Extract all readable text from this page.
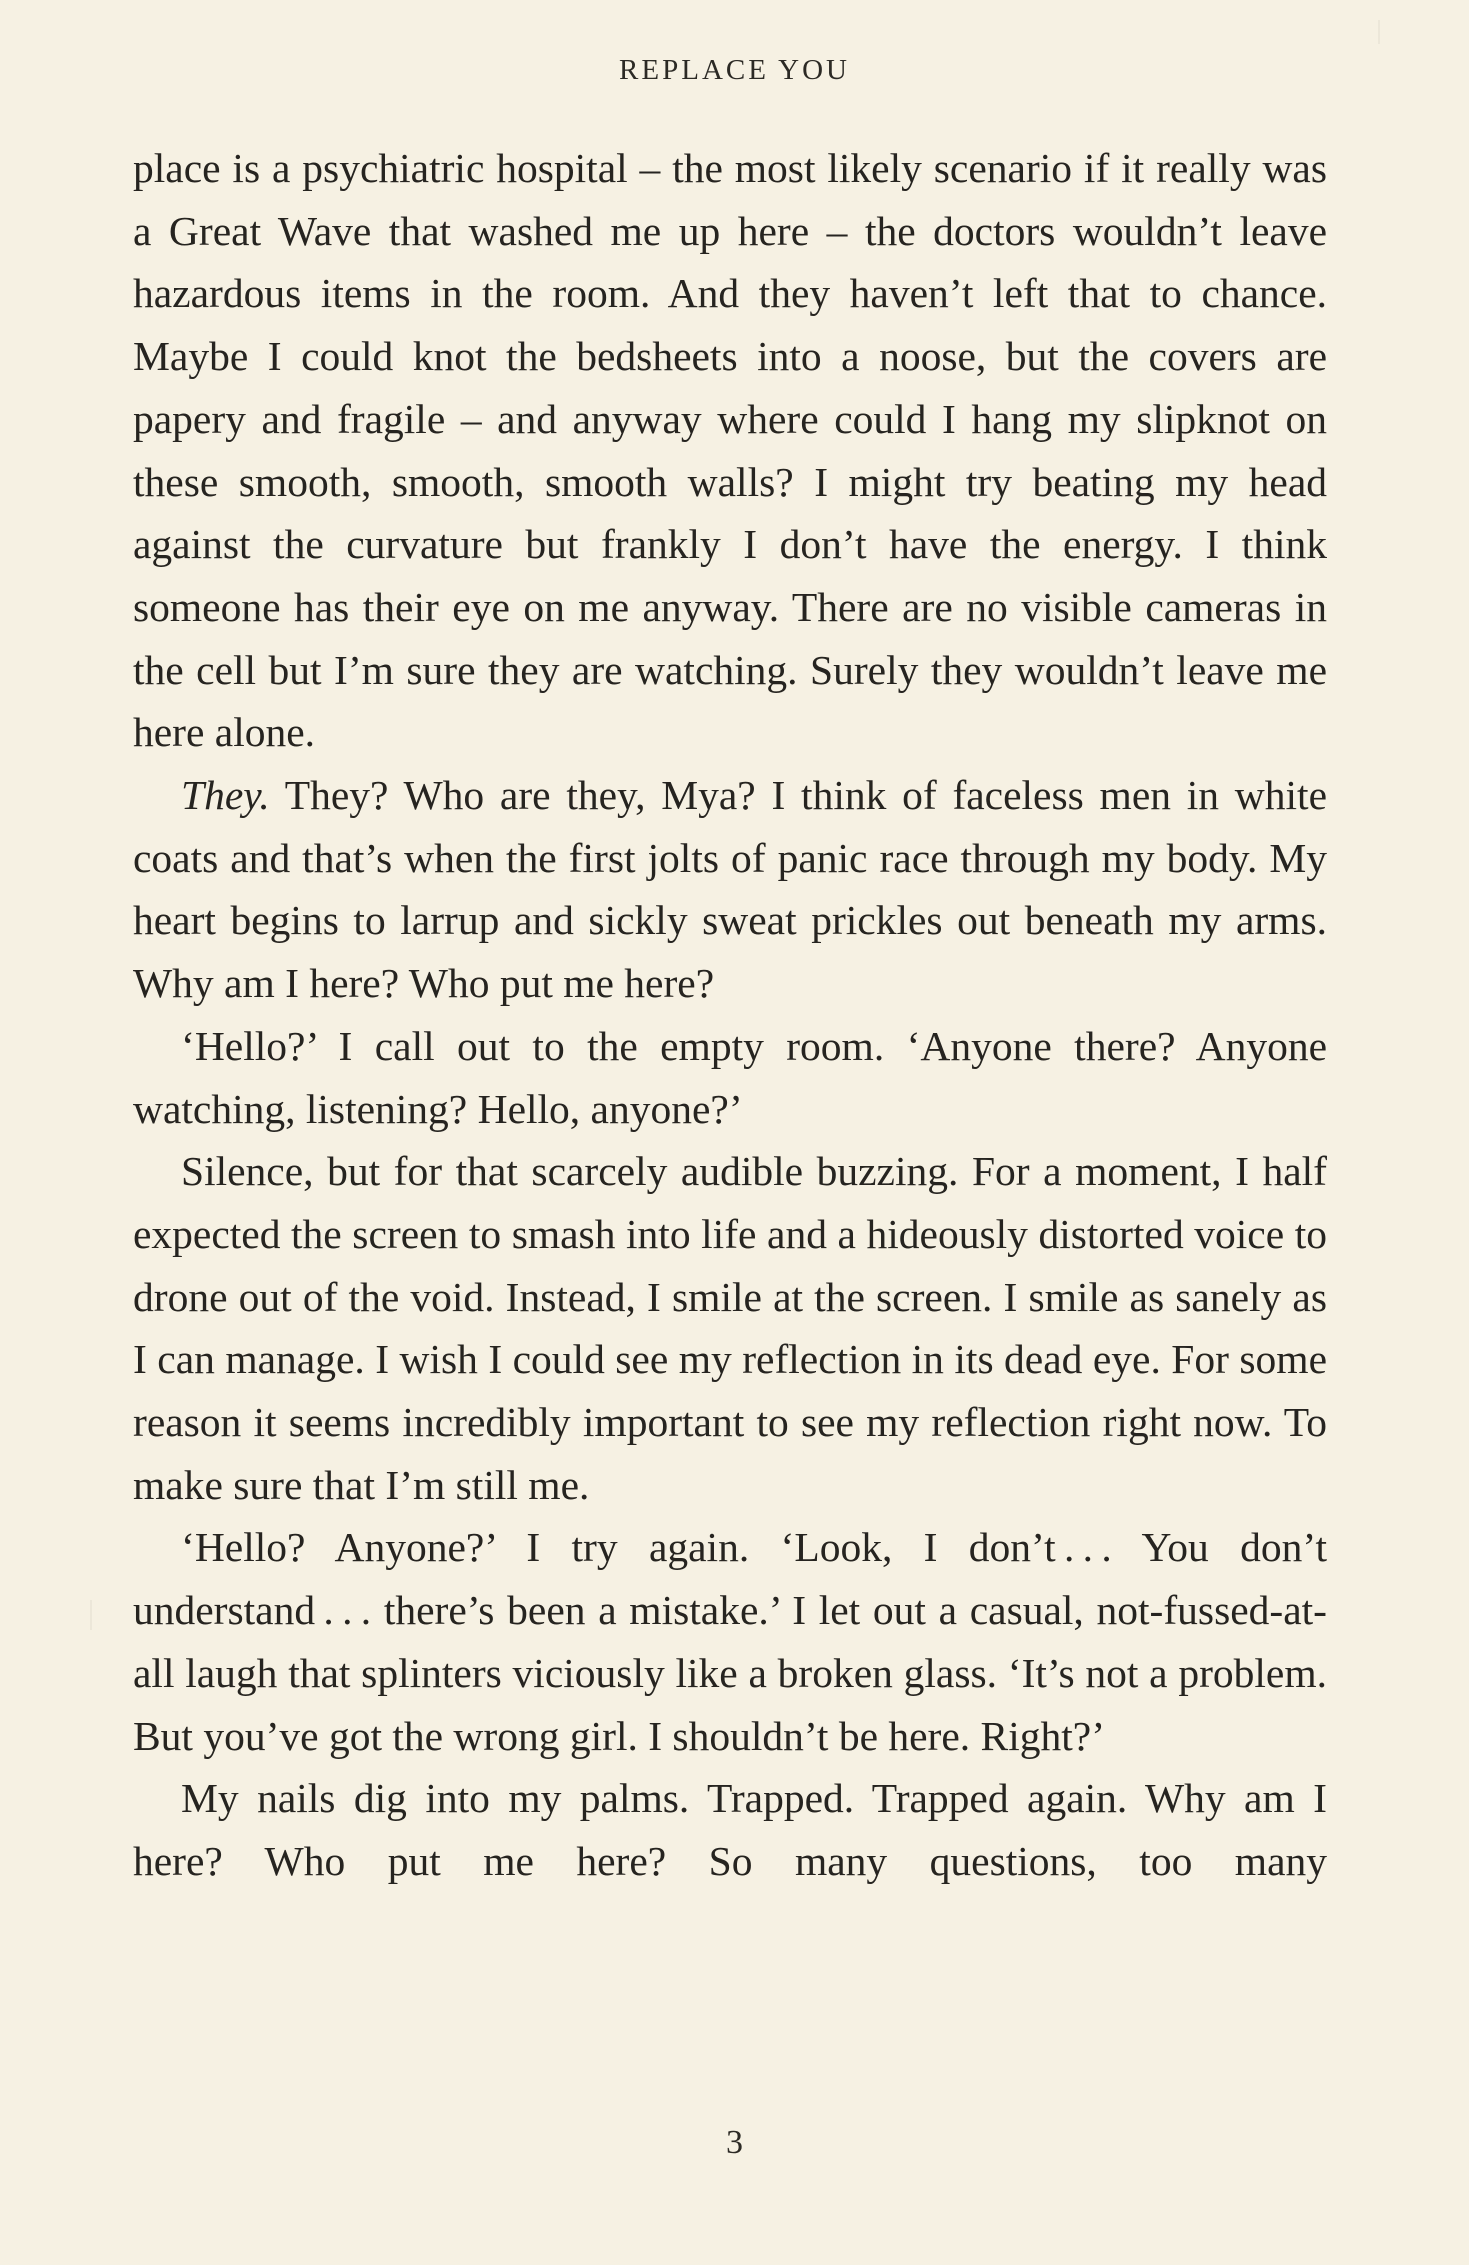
REPLACE YOU

place is a psychiatric hospital – the most likely scenario if it really was a Great Wave that washed me up here – the doctors wouldn’t leave hazardous items in the room. And they haven’t left that to chance. Maybe I could knot the bedsheets into a noose, but the covers are papery and fragile – and anyway where could I hang my slipknot on these smooth, smooth, smooth walls? I might try beating my head against the curvature but frankly I don’t have the energy. I think someone has their eye on me anyway. There are no visible cameras in the cell but I’m sure they are watching. Surely they wouldn’t leave me here alone.

They. They? Who are they, Mya? I think of faceless men in white coats and that’s when the first jolts of panic race through my body. My heart begins to larrup and sickly sweat prickles out beneath my arms. Why am I here? Who put me here?

‘Hello?’ I call out to the empty room. ‘Anyone there? Anyone watching, listening? Hello, anyone?’

Silence, but for that scarcely audible buzzing. For a moment, I half expected the screen to smash into life and a hideously distorted voice to drone out of the void. Instead, I smile at the screen. I smile as sanely as I can manage. I wish I could see my reflection in its dead eye. For some reason it seems incredibly important to see my reflection right now. To make sure that I’m still me.

‘Hello? Anyone?’ I try again. ‘Look, I don’t . . . You don’t understand . . . there’s been a mistake.’ I let out a casual, not-fussed-at-all laugh that splinters viciously like a broken glass. ‘It’s not a problem. But you’ve got the wrong girl. I shouldn’t be here. Right?’

My nails dig into my palms. Trapped. Trapped again. Why am I here? Who put me here? So many questions, too many

3
